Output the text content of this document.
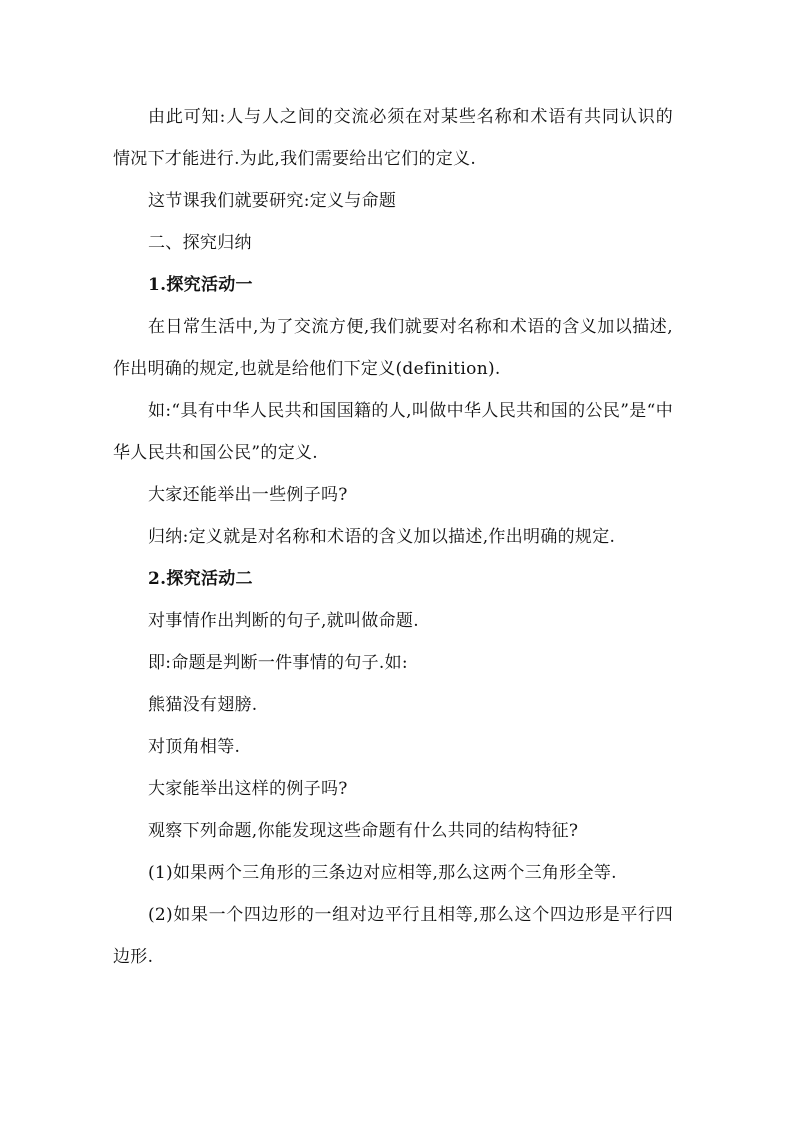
由此可知:人与人之间的交流必须在对某些名称和术语有共同认识的情况下才能进行.为此,我们需要给出它们的定义.

这节课我们就要研究:定义与命题

二、探究归纳

1.探究活动一

在日常生活中,为了交流方便,我们就要对名称和术语的含义加以描述,作出明确的规定,也就是给他们下定义(definition).

如:“具有中华人民共和国国籍的人,叫做中华人民共和国的公民”是“中华人民共和国公民”的定义.

大家还能举出一些例子吗?

归纳:定义就是对名称和术语的含义加以描述,作出明确的规定.

2.探究活动二

对事情作出判断的句子,就叫做命题.

即:命题是判断一件事情的句子.如:

熊猫没有翅膀.

对顶角相等.

大家能举出这样的例子吗?

观察下列命题,你能发现这些命题有什么共同的结构特征?

(1)如果两个三角形的三条边对应相等,那么这两个三角形全等.

(2)如果一个四边形的一组对边平行且相等,那么这个四边形是平行四边形.
